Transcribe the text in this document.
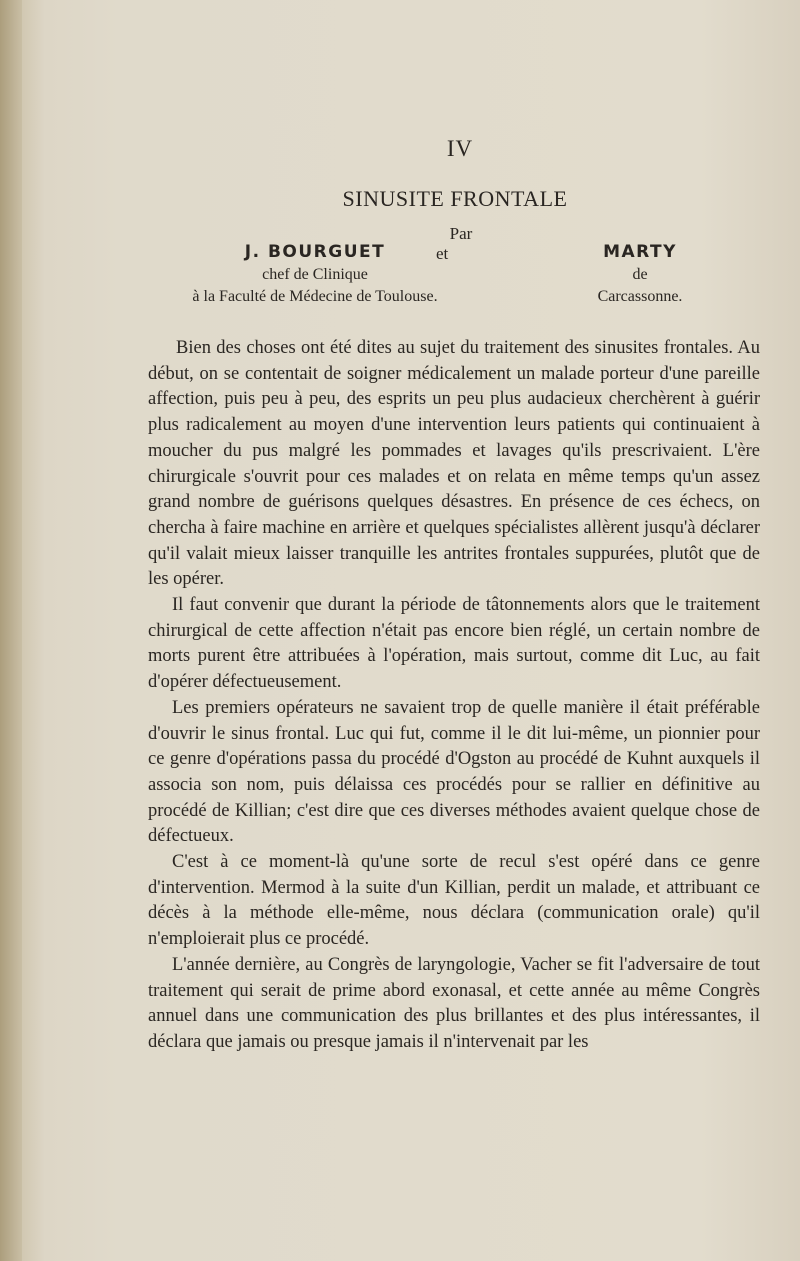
IV
SINUSITE FRONTALE
Par
J. BOURGUET
chef de Clinique
à la Faculté de Médecine de Toulouse.
et	MARTY
de
Carcassonne.

Bien des choses ont été dites au sujet du traitement des sinusites frontales. Au début, on se contentait de soigner médicalement un malade porteur d'une pareille affection, puis peu à peu, des esprits un peu plus audacieux cherchèrent à guérir plus radicalement au moyen d'une intervention leurs patients qui continuaient à moucher du pus malgré les pommades et lavages qu'ils prescrivaient. L'ère chirurgicale s'ouvrit pour ces malades et on relata en même temps qu'un assez grand nombre de guérisons quelques désastres. En présence de ces échecs, on chercha à faire machine en arrière et quelques spécialistes allèrent jusqu'à déclarer qu'il valait mieux laisser tranquille les antrites frontales suppurées, plutôt que de les opérer.

Il faut convenir que durant la période de tâtonnements alors que le traitement chirurgical de cette affection n'était pas encore bien réglé, un certain nombre de morts purent être attribuées à l'opération, mais surtout, comme dit Luc, au fait d'opérer défectueusement.

Les premiers opérateurs ne savaient trop de quelle manière il était préférable d'ouvrir le sinus frontal. Luc qui fut, comme il le dit lui-même, un pionnier pour ce genre d'opérations passa du procédé d'Ogston au procédé de Kuhnt auxquels il associa son nom, puis délaissa ces procédés pour se rallier en définitive au procédé de Killian; c'est dire que ces diverses méthodes avaient quelque chose de défectueux.

C'est à ce moment-là qu'une sorte de recul s'est opéré dans ce genre d'intervention. Mermod à la suite d'un Killian, perdit un malade, et attribuant ce décès à la méthode elle-même, nous déclara (communication orale) qu'il n'emploierait plus ce procédé.

L'année dernière, au Congrès de laryngologie, Vacher se fit l'adversaire de tout traitement qui serait de prime abord exonasal, et cette année au même Congrès annuel dans une communication des plus brillantes et des plus intéressantes, il déclara que jamais ou presque jamais il n'intervenait par les
